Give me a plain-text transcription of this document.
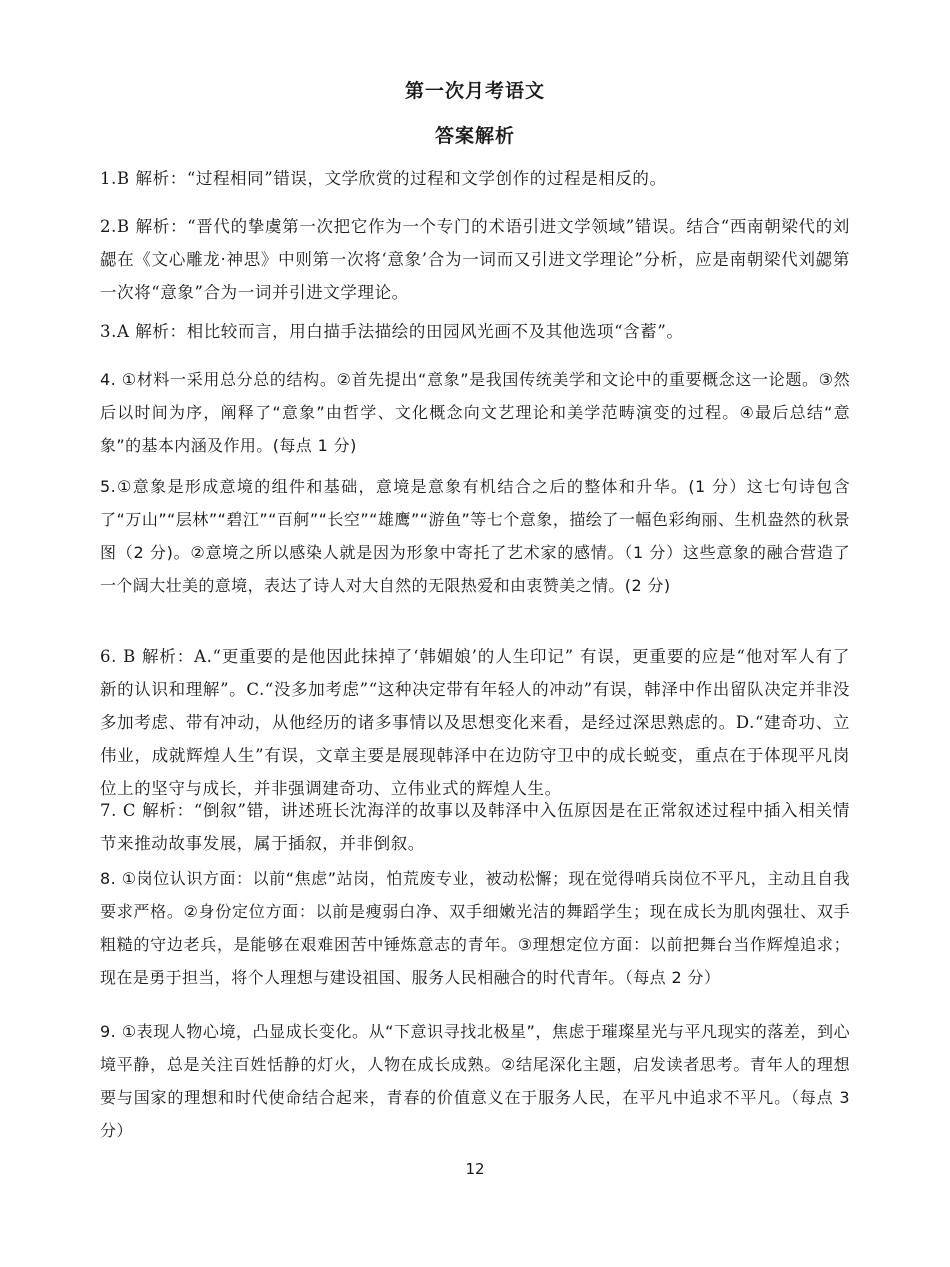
第一次月考语文
答案解析

1.B 解析：“过程相同”错误，文学欣赏的过程和文学创作的过程是相反的。

2.B 解析：“晋代的挚虞第一次把它作为一个专门的术语引进文学领域”错误。结合“西南朝梁代的刘勰在《文心雕龙·神思》中则第一次将‘意象’合为一词而又引进文学理论”分析，应是南朝梁代刘勰第一次将“意象”合为一词并引进文学理论。

3.A 解析：相比较而言，用白描手法描绘的田园风光画不及其他选项“含蓄”。

4. ①材料一采用总分总的结构。②首先提出“意象”是我国传统美学和文论中的重要概念这一论题。③然后以时间为序，阐释了“意象”由哲学、文化概念向文艺理论和美学范畴演变的过程。④最后总结“意象”的基本内涵及作用。(每点 1 分)

5.①意象是形成意境的组件和基础，意境是意象有机结合之后的整体和升华。(1 分）这七句诗包含了“万山”“层林”“碧江”“百舸”“长空”“雄鹰”“游鱼”等七个意象，描绘了一幅色彩绚丽、生机盎然的秋景图（2 分)。②意境之所以感染人就是因为形象中寄托了艺术家的感情。（1 分）这些意象的融合营造了一个阔大壮美的意境，表达了诗人对大自然的无限热爱和由衷赞美之情。(2 分)

6. B 解析：A.“更重要的是他因此抹掉了‘韩媚娘’的人生印记” 有误，更重要的应是“他对军人有了新的认识和理解”。C.“没多加考虑”“这种决定带有年轻人的冲动”有误，韩泽中作出留队决定并非没多加考虑、带有冲动，从他经历的诸多事情以及思想变化来看，是经过深思熟虑的。D.“建奇功、立伟业，成就辉煌人生”有误，文章主要是展现韩泽中在边防守卫中的成长蜕变，重点在于体现平凡岗位上的坚守与成长，并非强调建奇功、立伟业式的辉煌人生。

7. C 解析：“倒叙”错，讲述班长沈海洋的故事以及韩泽中入伍原因是在正常叙述过程中插入相关情节来推动故事发展，属于插叙，并非倒叙。

8. ①岗位认识方面：以前“焦虑”站岗，怕荒废专业，被动松懈；现在觉得哨兵岗位不平凡，主动且自我要求严格。②身份定位方面：以前是瘦弱白净、双手细嫩光洁的舞蹈学生；现在成长为肌肉强壮、双手粗糙的守边老兵，是能够在艰难困苦中锤炼意志的青年。③理想定位方面：以前把舞台当作辉煌追求；现在是勇于担当，将个人理想与建设祖国、服务人民相融合的时代青年。（每点 2 分）

9. ①表现人物心境，凸显成长变化。从“下意识寻找北极星”，焦虑于璀璨星光与平凡现实的落差，到心境平静，总是关注百姓恬静的灯火，人物在成长成熟。②结尾深化主题，启发读者思考。青年人的理想要与国家的理想和时代使命结合起来，青春的价值意义在于服务人民，在平凡中追求不平凡。（每点 3 分）

12
